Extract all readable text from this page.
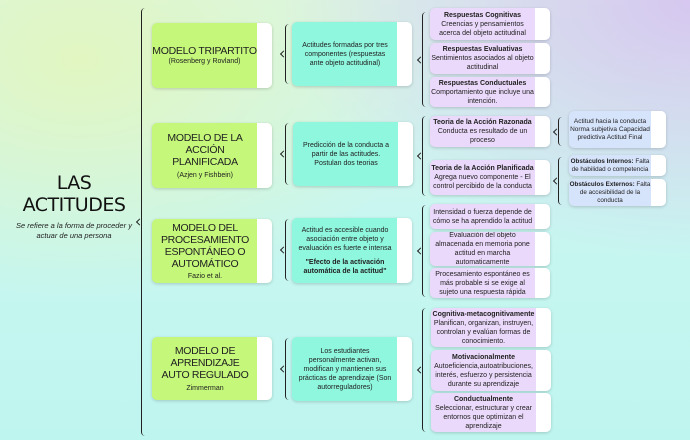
LAS ACTITUDES
Se refiere a la forma de proceder y actuar de una persona
MODELO TRIPARTITO
(Rosenberg y Rovland)
MODELO DE LA ACCIÓN PLANIFICADA
(Azjen y Fishbein)
MODELO DEL PROCESAMIENTO ESPONTÁNEO O AUTOMÁTICO
Fazio et al.
MODELO DE APRENDIZAJE AUTO REGULADO
Zimmerman
Actitudes formadas por tres componentes (respuestas ante objeto actitudinal)
Predicción de la conducta a partir de las actitudes. Postulan dos teorias
Actitud es accesible cuando asociación entre objeto y evaluación es fuerte e intensa
"Efecto de la activación automática de la actitud"
Los estudiantes personalmente activan, modifican y mantienen sus prácticas de aprendizaje (Son autorreguladores)
Respuestas Cognitivas
Creencias y pensamientos acerca del objeto actitudinal
Respuestas Evaluativas
Sentimientos asociados al objeto actitudinal
Respuestas Conductuales
Comportamiento que incluye una intención.
Teoria de la Acción Razonada
Conducta es resultado de un proceso
Teoria de la Acción Planificada
Agrega nuevo componente - El control percibido de la conducta
Intensidad o fuerza depende de cómo se ha aprendido la actitud
Evaluación del objeto almacenada en memoria pone actitud en marcha automaticamente
Procesamiento espontáneo es más probable si se exige al sujeto una respuesta rápida
Cognitiva-metacognitivamente
Planifican, organizan, instruyen, controlan y evalúan formas de conocimiento.
Motivacionalmente
Autoeficiencia,autoatribuciones, interés, esfuerzo y persistencia durante su aprendizaje
Conductualmente
Seleccionar, estructurar y crear entornos que optimizan el aprendizaje
Actitud hacia la conducta Norma subjetiva Capacidad predictiva Actitud Final
Obstáculos Internos: Falta de habilidad o competencia
Obstáculos Externos: Falta de accesibilidad de la conducta
